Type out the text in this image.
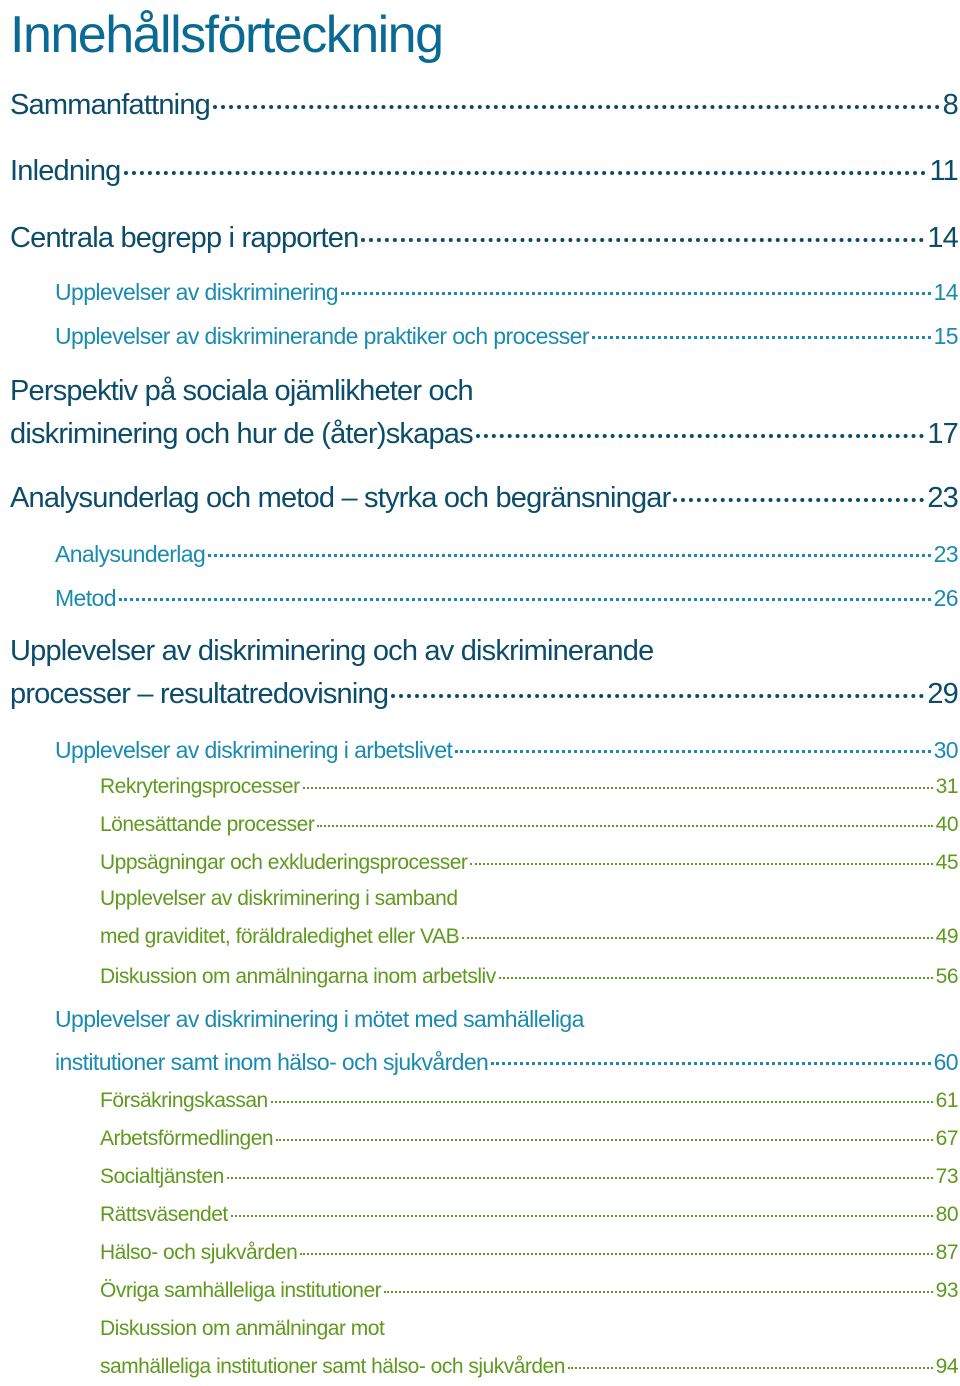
Innehållsförteckning
Sammanfattning	8
Inledning	11
Centrala begrepp i rapporten	14
Upplevelser av diskriminering	14
Upplevelser av diskriminerande praktiker och processer	15
Perspektiv på sociala ojämlikheter och
diskriminering och hur de (åter)skapas	17
Analysunderlag och metod – styrka och begränsningar	23
Analysunderlag	23
Metod	26
Upplevelser av diskriminering och av diskriminerande
processer – resultatredovisning	29
Upplevelser av diskriminering i arbetslivet	30
Rekryteringsprocesser	31
Lönesättande processer	40
Uppsägningar och exkluderingsprocesser	45
Upplevelser av diskriminering i samband
med graviditet, föräldraledighet eller VAB	49
Diskussion om anmälningarna inom arbetsliv	56
Upplevelser av diskriminering i mötet med samhälleliga
institutioner samt inom hälso- och sjukvården	60
Försäkringskassan	61
Arbetsförmedlingen	67
Socialtjänsten	73
Rättsväsendet	80
Hälso- och sjukvården	87
Övriga samhälleliga institutioner	93
Diskussion om anmälningar mot
samhälleliga institutioner samt hälso- och sjukvården	94
